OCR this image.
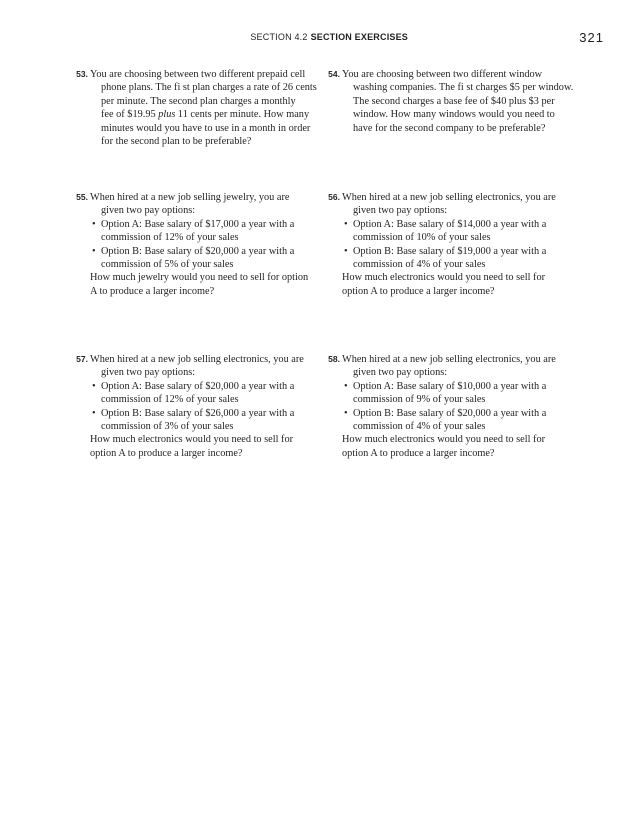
SECTION 4.2 SECTION EXERCISES	321
53. You are choosing between two different prepaid cell
phone plans. The fi st plan charges a rate of 26 cents
per minute. The second plan charges a monthly
fee of $19.95 plus 11 cents per minute. How many
minutes would you have to use in a month in order
for the second plan to be preferable?
54. You are choosing between two different window
washing companies. The fi st charges $5 per window.
The second charges a base fee of $40 plus $3 per
window. How many windows would you need to
have for the second company to be preferable?
55. When hired at a new job selling jewelry, you are
given two pay options:
• Option A: Base salary of $17,000 a year with a
commission of 12% of your sales
• Option B: Base salary of $20,000 a year with a
commission of 5% of your sales
How much jewelry would you need to sell for option
A to produce a larger income?
56. When hired at a new job selling electronics, you are
given two pay options:
• Option A: Base salary of $14,000 a year with a
commission of 10% of your sales
• Option B: Base salary of $19,000 a year with a
commission of 4% of your sales
How much electronics would you need to sell for
option A to produce a larger income?
57. When hired at a new job selling electronics, you are
given two pay options:
• Option A: Base salary of $20,000 a year with a
commission of 12% of your sales
• Option B: Base salary of $26,000 a year with a
commission of 3% of your sales
How much electronics would you need to sell for
option A to produce a larger income?
58. When hired at a new job selling electronics, you are
given two pay options:
• Option A: Base salary of $10,000 a year with a
commission of 9% of your sales
• Option B: Base salary of $20,000 a year with a
commission of 4% of your sales
How much electronics would you need to sell for
option A to produce a larger income?
